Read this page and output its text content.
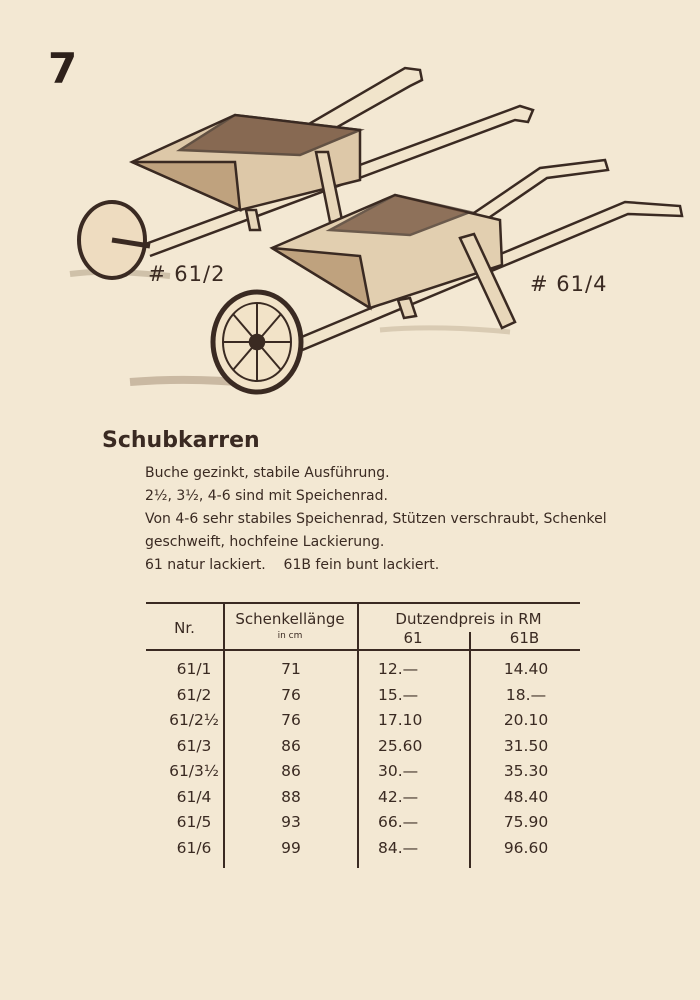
7
# 61/2	# 61/4
Schubkarren
Buche gezinkt, stabile Ausführung.
2½, 3½, 4-6 sind mit Speichenrad.
Von 4-6 sehr stabiles Speichenrad, Stützen verschraubt, Schenkel
geschweift, hochfeine Lackierung.
61 natur lackiert.    61B fein bunt lackiert.
Nr.	Schenkellänge
in cm
Dutzendpreis in RM
61	61B
61/1	71	12.—	14.40
61/2	76	15.—	18.—
61/2½	76	17.10	20.10
61/3	86	25.60	31.50
61/3½	86	30.—	35.30
61/4	88	42.—	48.40
61/5	93	66.—	75.90
61/6	99	84.—	96.60
